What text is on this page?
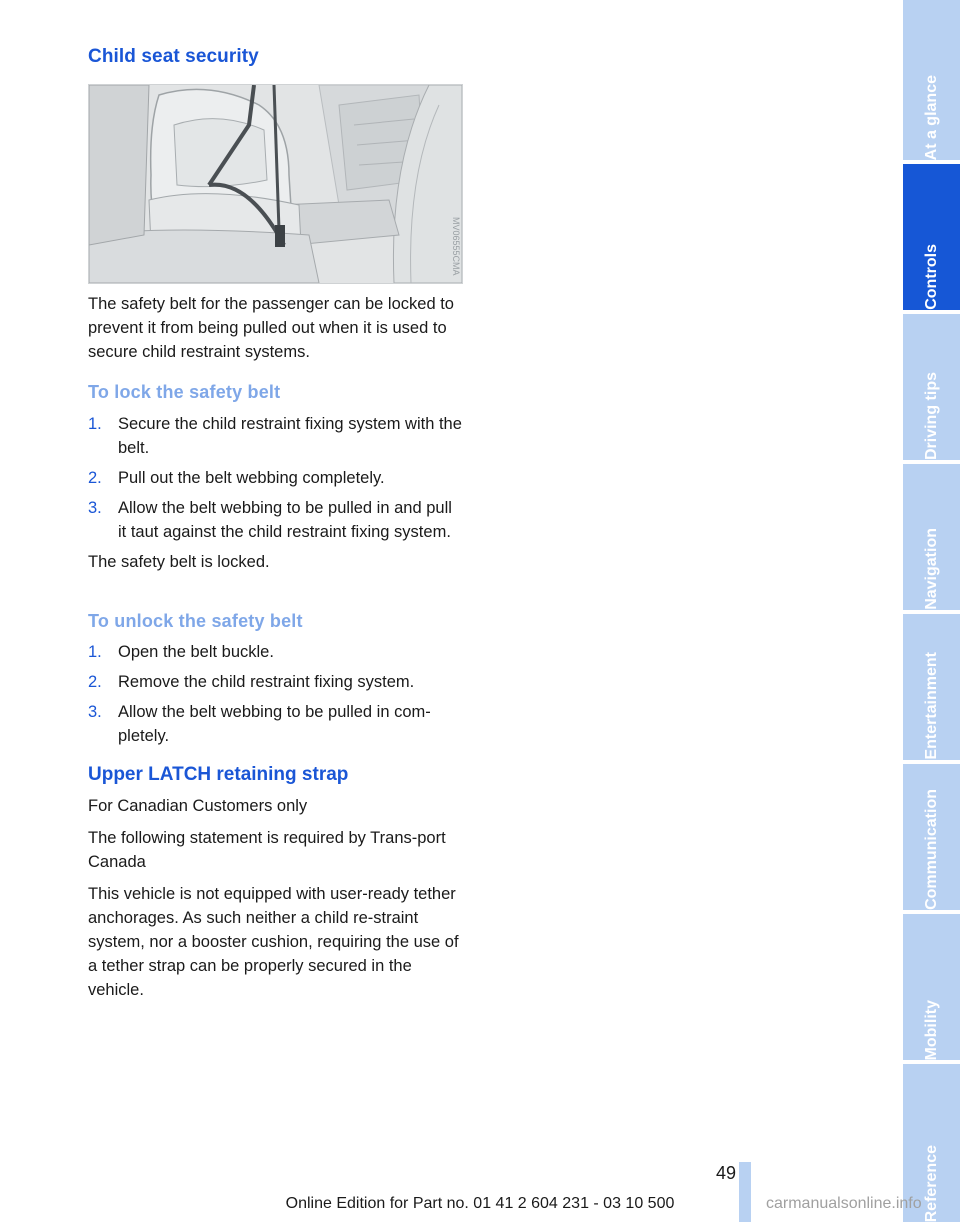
Child seat security
MV06555CMA

The safety belt for the passenger can be locked to prevent it from being pulled out when it is used to secure child restraint systems.

To lock the safety belt
1. Secure the child restraint fixing system with the belt.
2. Pull out the belt webbing completely.
3. Allow the belt webbing to be pulled in and pull it taut against the child restraint fixing system.

The safety belt is locked.

To unlock the safety belt
1. Open the belt buckle.
2. Remove the child restraint fixing system.
3. Allow the belt webbing to be pulled in com-pletely.
Upper LATCH retaining strap

For Canadian Customers only

The following statement is required by Trans-port Canada

This vehicle is not equipped with user-ready tether anchorages. As such neither a child re-straint system, nor a booster cushion, requiring the use of a tether strap can be properly secured in the vehicle.

At a glance
Controls
Driving tips
Navigation
Entertainment
Communication
Mobility
Reference
49
Online Edition for Part no. 01 41 2 604 231 - 03 10 500	carmanualsonline.info
